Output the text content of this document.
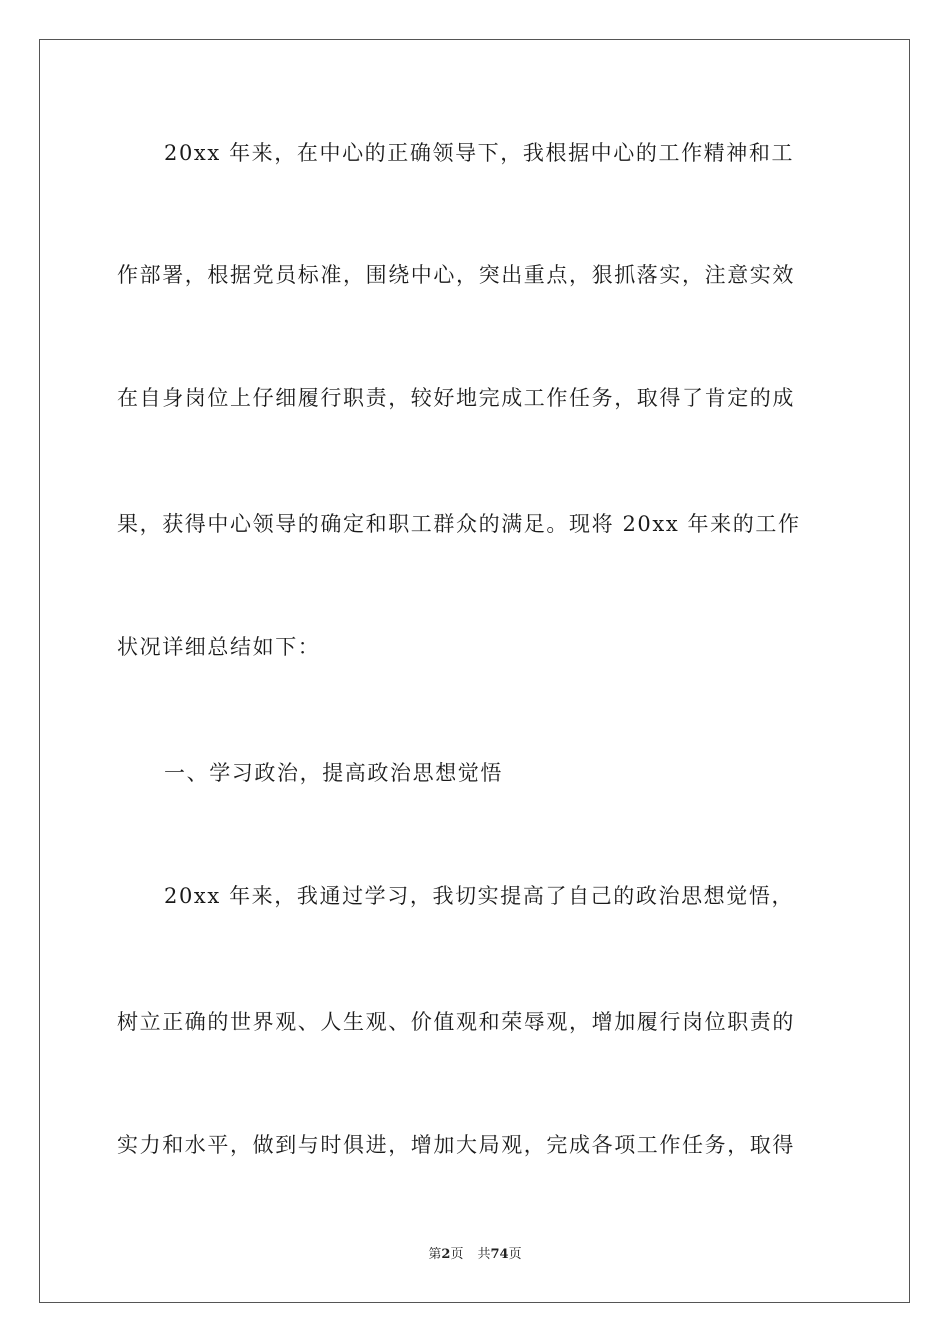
20xx 年来，在中心的正确领导下，我根据中心的工作精神和工
作部署，根据党员标准，围绕中心，突出重点，狠抓落实，注意实效
在自身岗位上仔细履行职责，较好地完成工作任务，取得了肯定的成
果，获得中心领导的确定和职工群众的满足。现将 20xx 年来的工作
状况详细总结如下：
一、学习政治，提高政治思想觉悟
20xx 年来，我通过学习，我切实提高了自己的政治思想觉悟，
树立正确的世界观、人生观、价值观和荣辱观，增加履行岗位职责的
实力和水平，做到与时俱进，增加大局观，完成各项工作任务，取得
第2页 共74页
